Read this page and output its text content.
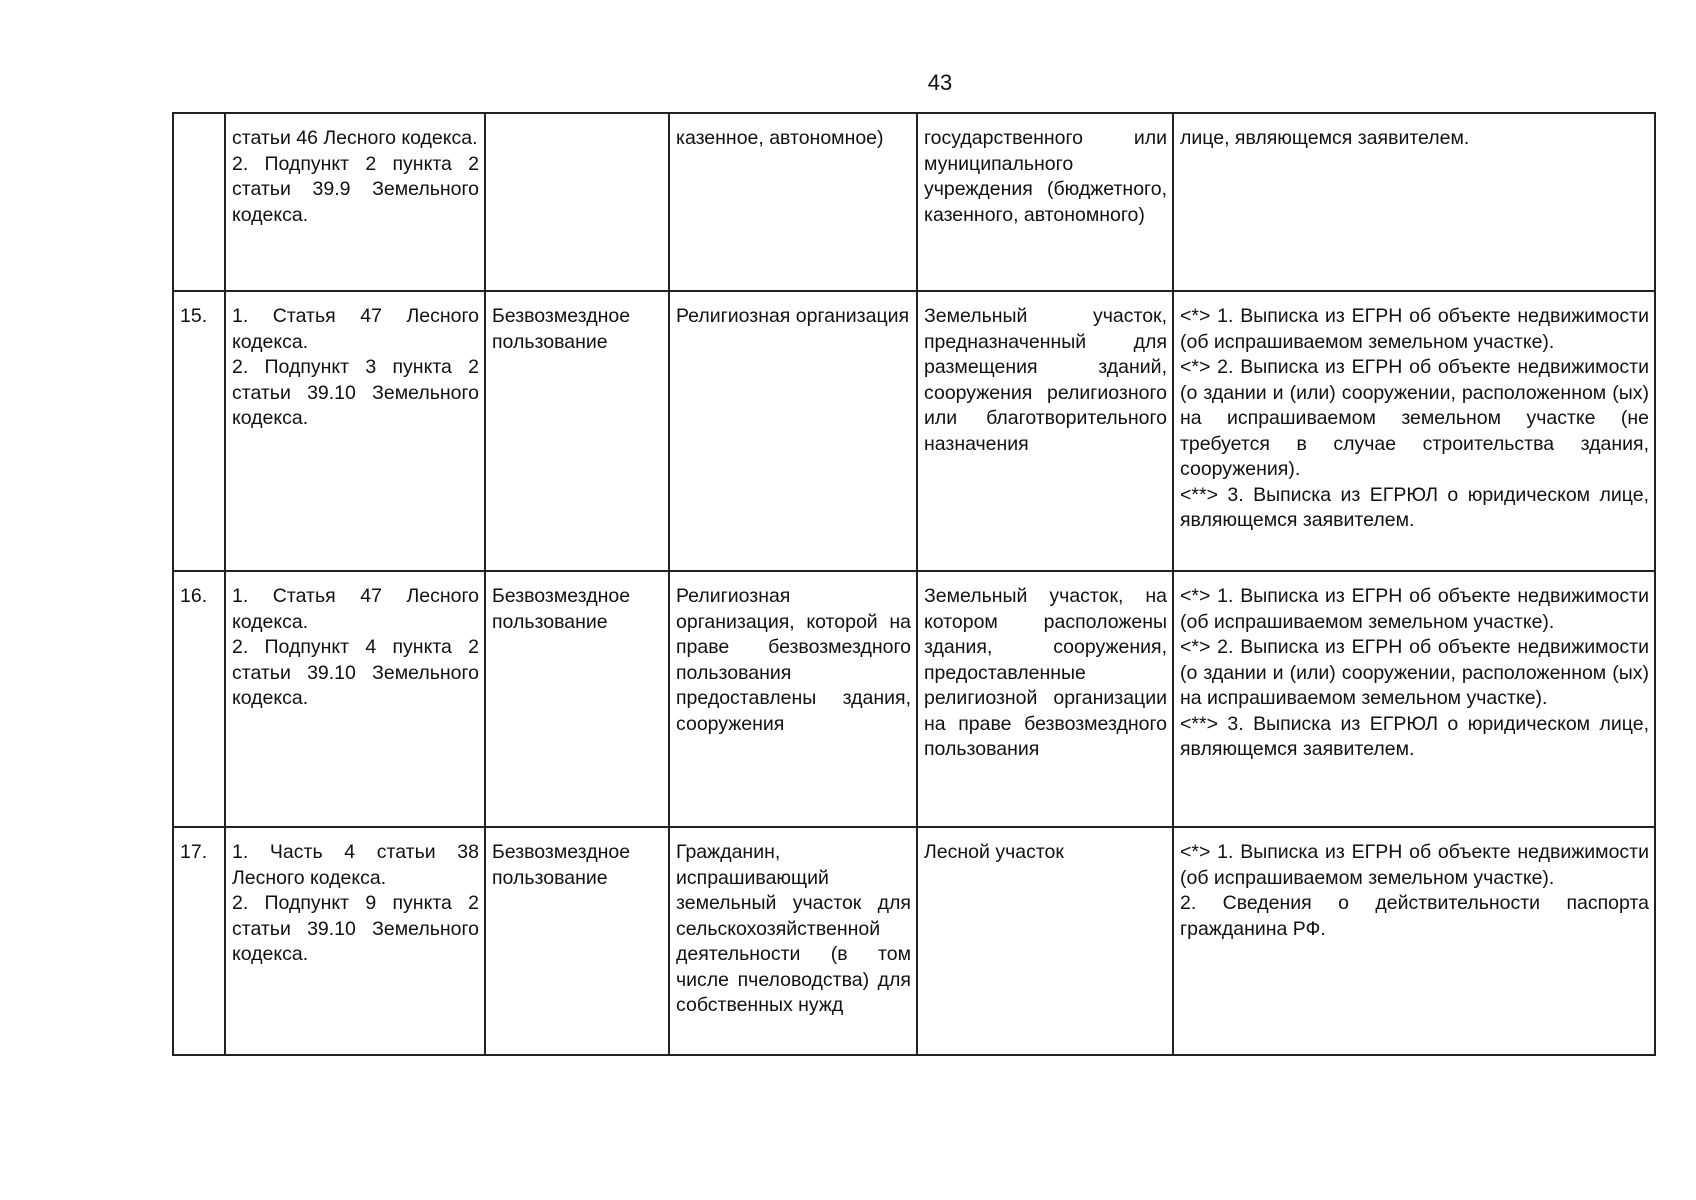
43

	статьи 46 Лесного кодекса.
2. Подпункт 2 пункта 2 статьи 39.9 Земельного кодекса.		казенное, автономное)	государственного или муниципального учреждения (бюджетного, казенного, автономного)	лице, являющемся заявителем.

15.	1. Статья 47 Лесного кодекса.
2. Подпункт 3 пункта 2 статьи 39.10 Земельного кодекса.	Безвозмездное пользование	Религиозная организация	Земельный участок, предназначенный для размещения зданий, сооружения религиозного или благотворительного назначения	<*> 1. Выписка из ЕГРН об объекте недвижимости (об испрашиваемом земельном участке).
<*> 2. Выписка из ЕГРН об объекте недвижимости (о здании и (или) сооружении, расположенном (ых) на испрашиваемом земельном участке (не требуется в случае строительства здания, сооружения).
<**> 3. Выписка из ЕГРЮЛ о юридическом лице, являющемся заявителем.

16.	1. Статья 47 Лесного кодекса.
2. Подпункт 4 пункта 2 статьи 39.10 Земельного кодекса.	Безвозмездное пользование	Религиозная организация, которой на праве безвозмездного пользования предоставлены здания, сооружения	Земельный участок, на котором расположены здания, сооружения, предоставленные религиозной организации на праве безвозмездного пользования	<*> 1. Выписка из ЕГРН об объекте недвижимости (об испрашиваемом земельном участке).
<*> 2. Выписка из ЕГРН об объекте недвижимости (о здании и (или) сооружении, расположенном (ых) на испрашиваемом земельном участке).
<**> 3. Выписка из ЕГРЮЛ о юридическом лице, являющемся заявителем.

17.	1. Часть 4 статьи 38 Лесного кодекса.
2. Подпункт 9 пункта 2 статьи 39.10 Земельного кодекса.	Безвозмездное пользование	Гражданин, испрашивающий земельный участок для сельскохозяйственной деятельности (в том числе пчеловодства) для собственных нужд	Лесной участок	<*> 1. Выписка из ЕГРН об объекте недвижимости (об испрашиваемом земельном участке).
2. Сведения о действительности паспорта гражданина РФ.
